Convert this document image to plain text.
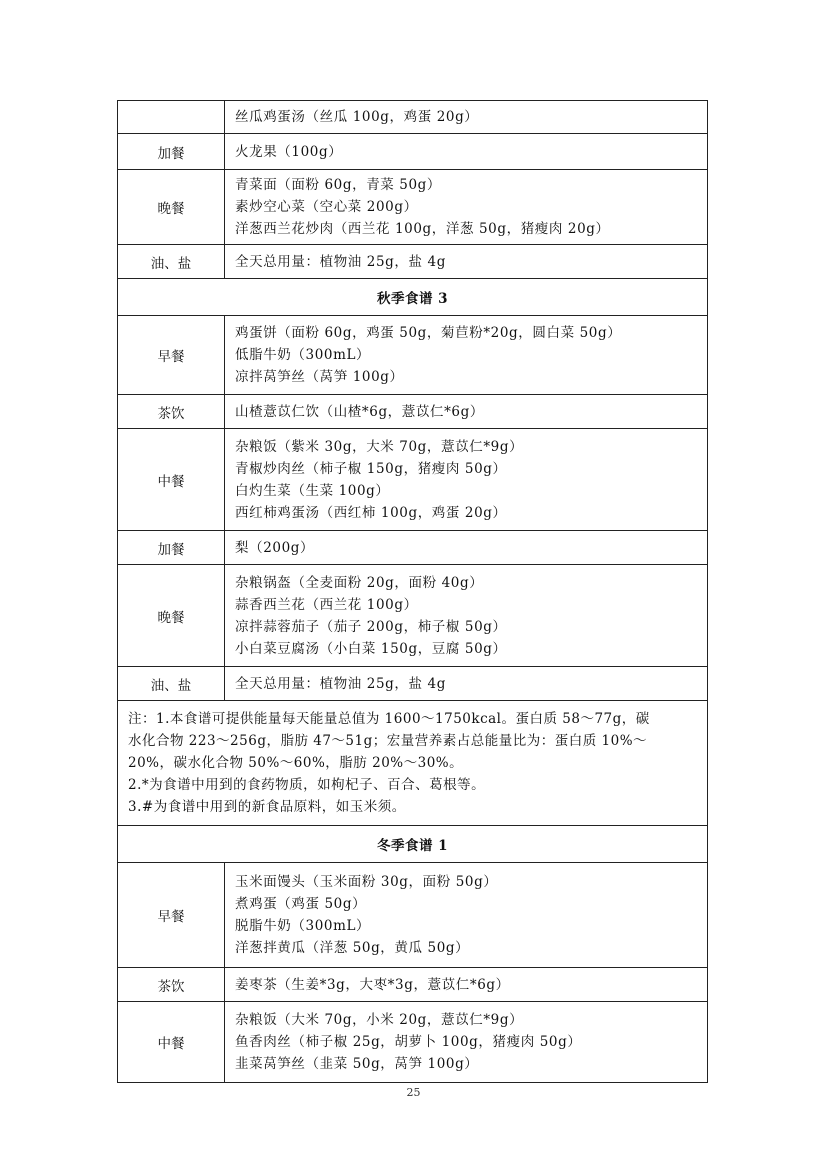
	丝瓜鸡蛋汤（丝瓜 100g，鸡蛋 20g）

加餐	火龙果（100g）

晚餐	青菜面（面粉 60g，青菜 50g）
素炒空心菜（空心菜 200g）
洋葱西兰花炒肉（西兰花 100g，洋葱 50g，猪瘦肉 20g）

油、盐	全天总用量：植物油 25g，盐 4g

秋季食谱 3	
早餐	鸡蛋饼（面粉 60g，鸡蛋 50g，菊苣粉*20g，圆白菜 50g）
低脂牛奶（300mL）
凉拌莴笋丝（莴笋 100g）

茶饮	山楂薏苡仁饮（山楂*6g，薏苡仁*6g）

中餐	杂粮饭（紫米 30g，大米 70g，薏苡仁*9g）
青椒炒肉丝（柿子椒 150g，猪瘦肉 50g）
白灼生菜（生菜 100g）
西红柿鸡蛋汤（西红柿 100g，鸡蛋 20g）

加餐	梨（200g）

晚餐	杂粮锅盔（全麦面粉 20g，面粉 40g）
蒜香西兰花（西兰花 100g）
凉拌蒜蓉茄子（茄子 200g，柿子椒 50g）
小白菜豆腐汤（小白菜 150g，豆腐 50g）

油、盐	全天总用量：植物油 25g，盐 4g

注：1.本食谱可提供能量每天能量总值为 1600～1750kcal。蛋白质 58～77g，碳
水化合物 223～256g，脂肪 47～51g；宏量营养素占总能量比为：蛋白质 10%～
20%，碳水化合物 50%～60%，脂肪 20%～30%。
2.*为食谱中用到的食药物质，如枸杞子、百合、葛根等。
3.#为食谱中用到的新食品原料，如玉米须。	

冬季食谱 1	
早餐	玉米面馒头（玉米面粉 30g，面粉 50g）
煮鸡蛋（鸡蛋 50g）
脱脂牛奶（300mL）
洋葱拌黄瓜（洋葱 50g，黄瓜 50g）

茶饮	姜枣茶（生姜*3g，大枣*3g，薏苡仁*6g）

中餐	杂粮饭（大米 70g，小米 20g，薏苡仁*9g）
鱼香肉丝（柿子椒 25g，胡萝卜 100g，猪瘦肉 50g）
韭菜莴笋丝（韭菜 50g，莴笋 100g）
25
